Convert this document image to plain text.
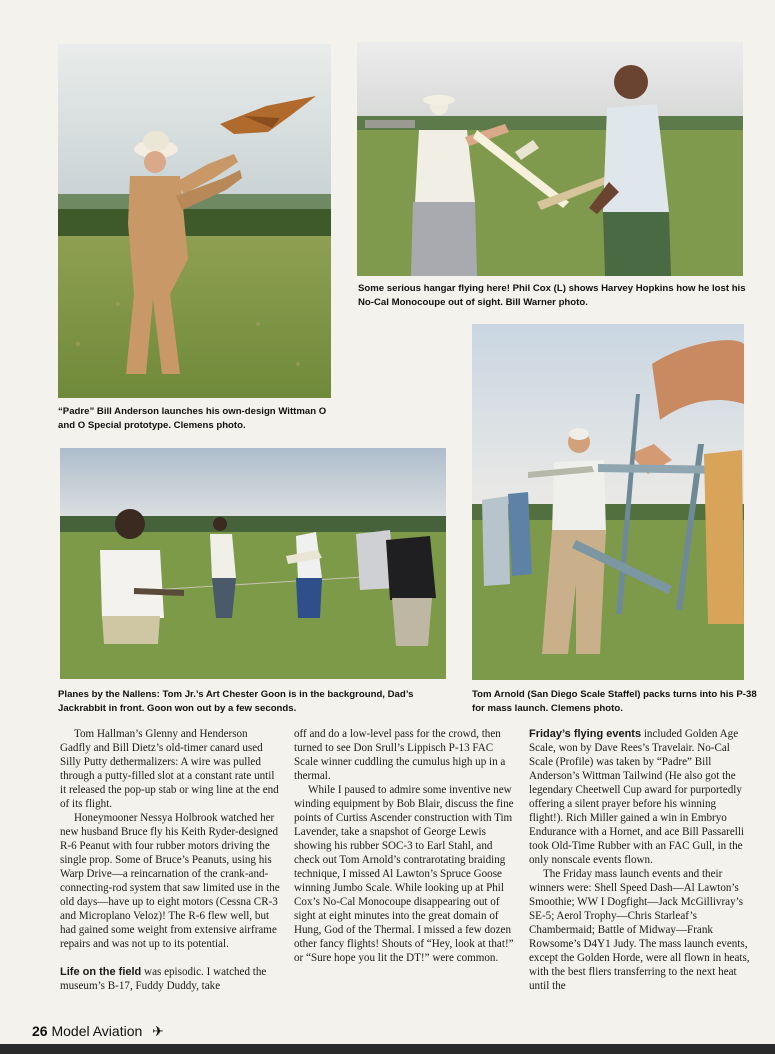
“Padre” Bill Anderson launches his own-design Wittman O and O Special prototype. Clemens photo.
Some serious hangar flying here! Phil Cox (L) shows Harvey Hopkins how he lost his No-Cal Monocoupe out of sight. Bill Warner photo.
Planes by the Nallens: Tom Jr.’s Art Chester Goon is in the background, Dad’s Jackrabbit in front. Goon won out by a few seconds.
Tom Arnold (San Diego Scale Staffel) packs turns into his P-38 for mass launch. Clemens photo.

Tom Hallman’s Glenny and Henderson Gadfly and Bill Dietz’s old-timer canard used Silly Putty dethermalizers: A wire was pulled through a putty-filled slot at a constant rate until it released the pop-up stab or wing line at the end of its flight.

Honeymooner Nessya Holbrook watched her new husband Bruce fly his Keith Ryder-designed R-6 Peanut with four rubber motors driving the single prop. Some of Bruce’s Peanuts, using his Warp Drive—a reincarnation of the crank-and-connecting-rod system that saw limited use in the old days—have up to eight motors (Cessna CR-3 and Microplano Veloz)! The R-6 flew well, but had gained some weight from extensive airframe repairs and was not up to its potential.

Life on the field was episodic. I watched the museum’s B-17, Fuddy Duddy, take

off and do a low-level pass for the crowd, then turned to see Don Srull’s Lippisch P-13 FAC Scale winner cuddling the cumulus high up in a thermal.

While I paused to admire some inventive new winding equipment by Bob Blair, discuss the fine points of Curtiss Ascender construction with Tim Lavender, take a snapshot of George Lewis showing his rubber SOC-3 to Earl Stahl, and check out Tom Arnold’s contrarotating braiding technique, I missed Al Lawton’s Spruce Goose winning Jumbo Scale. While looking up at Phil Cox’s No-Cal Monocoupe disappearing out of sight at eight minutes into the great domain of Hung, God of the Thermal. I missed a few dozen other fancy flights! Shouts of “Hey, look at that!” or “Sure hope you lit the DT!” were common.

Friday’s flying events included Golden Age Scale, won by Dave Rees’s Travelair. No-Cal Scale (Profile) was taken by “Padre” Bill Anderson’s Wittman Tailwind (He also got the legendary Cheetwell Cup award for purportedly offering a silent prayer before his winning flight!). Rich Miller gained a win in Embryo Endurance with a Hornet, and ace Bill Passarelli took Old-Time Rubber with an FAC Gull, in the only nonscale events flown.

The Friday mass launch events and their winners were: Shell Speed Dash—Al Lawton’s Smoothie; WW I Dogfight—Jack McGillivray’s SE-5; Aerol Trophy—Chris Starleaf’s Chambermaid; Battle of Midway—Frank Rowsome’s D4Y1 Judy. The mass launch events, except the Golden Horde, were all flown in heats, with the best fliers transferring to the next heat until the

26 Model Aviation ✈
